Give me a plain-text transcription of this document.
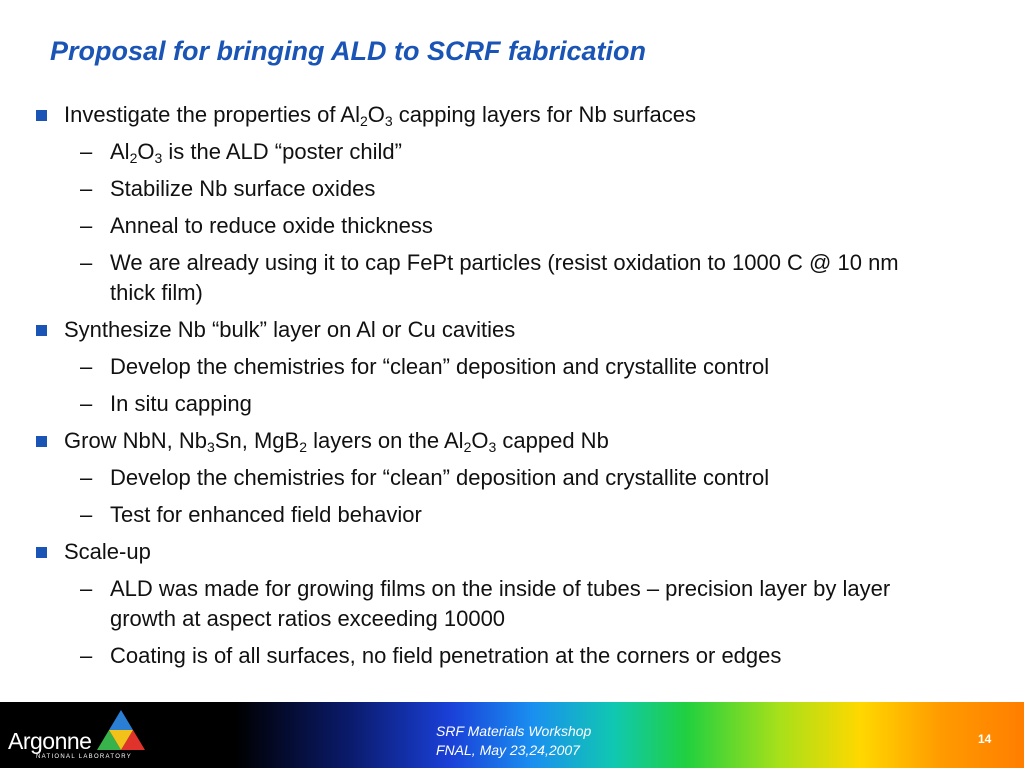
Proposal for bringing ALD to SCRF fabrication
Investigate the properties of $Al_2O_3$ capping layers for Nb surfaces
– $Al_2O_3$ is the ALD “poster child”
– Stabilize Nb surface oxides
– Anneal to reduce oxide thickness
– We are already using it to cap FePt particles (resist oxidation to 1000 C @ 10 nm thick film)
Synthesize Nb “bulk” layer on Al or Cu cavities
– Develop the chemistries for “clean” deposition and crystallite control
– In situ capping
Grow NbN, $Nb_3Sn$, MgB$_2$ layers on the $Al_2O_3$ capped Nb
– Develop the chemistries for “clean” deposition and crystallite control
– Test for enhanced field behavior
Scale-up
– ALD was made for growing films on the inside of tubes – precision layer by layer growth at aspect ratios exceeding 10000
– Coating is of all surfaces, no field penetration at the corners or edges
Argonne
NATIONAL LABORATORY
SRF Materials Workshop
FNAL, May 23,24,2007
14
